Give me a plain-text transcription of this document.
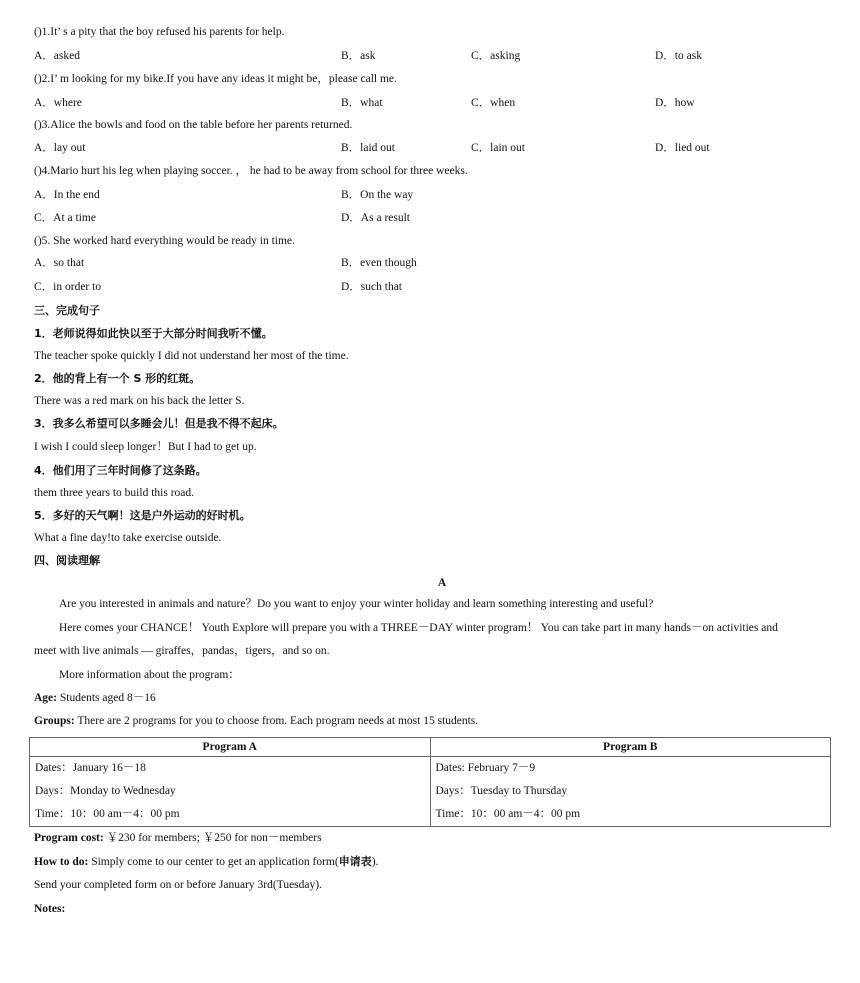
()1.It’ s a pity that the boy refused his parents for help.
A．asked	B．ask	C．asking	D．to ask
()2.I’ m looking for my bike.If you have any ideas it might be，please call me.
A．where	B．what	C．when	D．how
()3.Alice the bowls and food on the table before her parents returned.
A．lay out	B．laid out	C．lain out	D．lied out
()4.Mario hurt his leg when playing soccer. ， he had to be away from school for three weeks.
A．In the end	B．On the way
C．At a time	D．As a result
()5. She worked hard everything would be ready in time.
A．so that	B．even though
C．in order to	D．such that
三、完成句子
1．老师说得如此快以至于大部分时间我听不懂。
The teacher spoke quickly I did not understand her most of the time.
2．他的背上有一个 S 形的红斑。
There was a red mark on his back the letter S.
3．我多么希望可以多睡会儿！但是我不得不起床。
I wish I could sleep longer！But I had to get up.
4．他们用了三年时间修了这条路。
them three years to build this road.
5．多好的天气啊！这是户外运动的好时机。
What a fine day!to take exercise outside.
四、阅读理解
A
Are you interested in animals and nature？Do you want to enjoy your winter holiday and learn something interesting and useful?
Here comes your CHANCE！ Youth Explore will prepare you with a THREE－DAY winter program！ You can take part in many hands－on activities and
meet with live animals — giraffes，pandas，tigers，and so on.
More information about the program：
Age: Students aged 8－16
Groups: There are 2 programs for you to choose from. Each program needs at most 15 students.
Program A	Program B
Dates：January 16－18	Dates: February 7－9
Days：Monday to Wednesday	Days：Tuesday to Thursday
Time：10：00 am－4：00 pm	Time：10：00 am－4：00 pm
Program cost: ￥230 for members; ￥250 for non－members
How to do: Simply come to our center to get an application form(申请表).
Send your completed form on or before January 3rd(Tuesday).
Notes:
